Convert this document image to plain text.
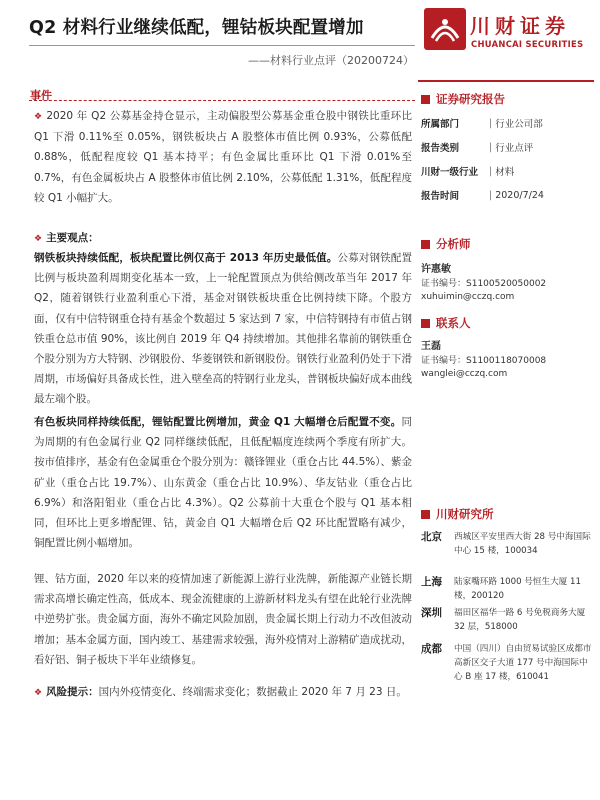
Q2 材料行业继续低配，锂钴板块配置增加
——材料行业点评（20200724）
川财证券
CHUANCAI SECURITIES
事件
❖ 2020 年 Q2 公募基金持仓显示，主动偏股型公募基金重仓股中钢铁比重环比 Q1 下滑 0.11%至 0.05%，钢铁板块占 A 股整体市值比例 0.93%，公募低配 0.88%，低配程度较 Q1 基本持平；有色金属比重环比 Q1 下滑 0.01%至 0.7%，有色金属板块占 A 股整体市值比例 2.10%，公募低配 1.31%，低配程度较 Q1 小幅扩大。
❖ 主要观点：
钢铁板块持续低配，板块配置比例仅高于 2013 年历史最低值。公募对钢铁配置比例与板块盈利周期变化基本一致，上一轮配置顶点为供给侧改革当年 2017 年 Q2，随着钢铁行业盈利重心下滑，基金对钢铁板块重仓比例持续下降。个股方面，仅有中信特钢重仓持有基金个数超过 5 家达到 7 家，中信特钢持有市值占钢铁重仓总市值 90%，该比例自 2019 年 Q4 持续增加。其他排名靠前的钢铁重仓个股分别为方大特钢、沙钢股份、华菱钢铁和新钢股份。钢铁行业盈利仍处于下滑周期，市场偏好具备成长性，进入壁垒高的特钢行业龙头，普钢板块偏好成本曲线最左端个股。
有色板块同样持续低配，锂钴配置比例增加，黄金 Q1 大幅增仓后配置不变。同为周期的有色金属行业 Q2 同样继续低配，且低配幅度连续两个季度有所扩大。按市值排序，基金有色金属重仓个股分别为：赣锋锂业（重仓占比 44.5%）、紫金矿业（重仓占比 19.7%）、山东黄金（重仓占比 10.9%）、华友钴业（重仓占比 6.9%）和洛阳钼业（重仓占比 4.3%）。Q2 公募前十大重仓个股与 Q1 基本相同，但环比上更多增配锂、钴，黄金自 Q1 大幅增仓后 Q2 环比配置略有减少，铜配置比例小幅增加。
锂、钴方面，2020 年以来的疫情加速了新能源上游行业洗牌，新能源产业链长期需求高增长确定性高，低成本、现金流健康的上游新材料龙头有望在此轮行业洗牌中逆势扩张。贵金属方面，海外不确定风险加剧，贵金属长期上行动力不改但波动增加；基本金属方面，国内竣工、基建需求较强，海外疫情对上游精矿造成扰动，看好铝、铜子板块下半年业绩修复。
❖ 风险提示：国内外疫情变化、终端需求变化；数据截止 2020 年 7 月 23 日。
证券研究报告
所属部门	| 行业公司部
报告类别	| 行业点评
川财一级行业	| 材料
报告时间	| 2020/7/24
分析师
许惠敏
证书编号：S1100520050002
xuhuimin@cczq.com
联系人
王磊
证书编号：S1100118070008
wanglei@cczq.com
川财研究所
北京 西城区平安里西大街 28 号中海国际中心 15 楼，100034
上海 陆家嘴环路 1000 号恒生大厦 11 楼，200120
深圳 福田区福华一路 6 号免税商务大厦 32 层，518000
成都 中国（四川）自由贸易试验区成都市高新区交子大道 177 号中海国际中心 B 座 17 楼，610041
